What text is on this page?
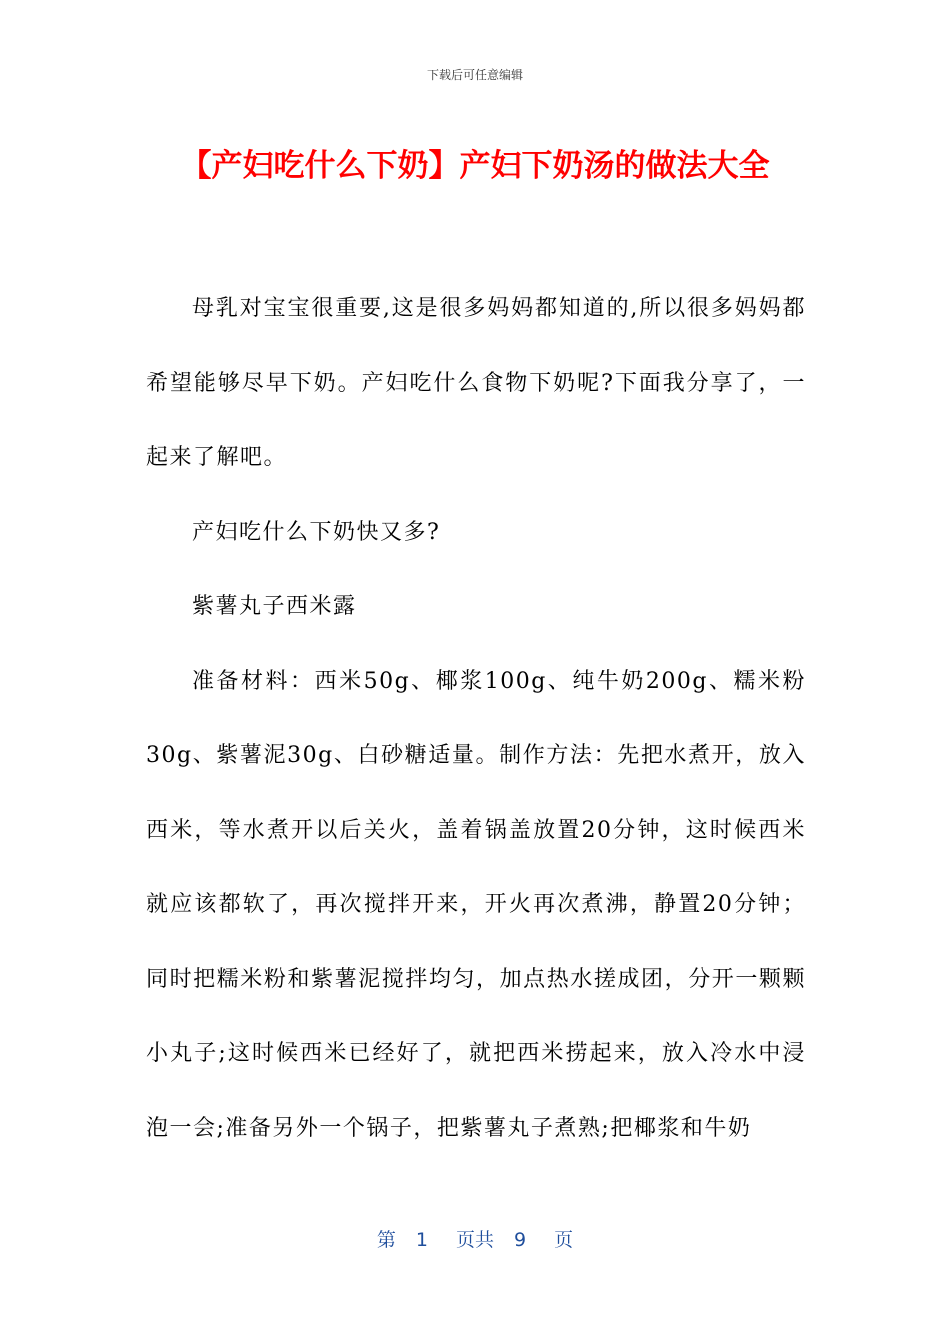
下载后可任意编辑
【产妇吃什么下奶】产妇下奶汤的做法大全

母乳对宝宝很重要,这是很多妈妈都知道的,所以很多妈妈都希望能够尽早下奶。产妇吃什么食物下奶呢?下面我分享了，一起来了解吧。

产妇吃什么下奶快又多?

紫薯丸子西米露

准备材料：西米50g、椰浆100g、纯牛奶200g、糯米粉30g、紫薯泥30g、白砂糖适量。制作方法：先把水煮开，放入西米，等水煮开以后关火，盖着锅盖放置20分钟，这时候西米就应该都软了，再次搅拌开来，开火再次煮沸，静置20分钟；同时把糯米粉和紫薯泥搅拌均匀，加点热水搓成团，分开一颗颗小丸子;这时候西米已经好了，就把西米捞起来，放入冷水中浸泡一会;准备另外一个锅子，把紫薯丸子煮熟;把椰浆和牛奶

第 1 页共 9 页
